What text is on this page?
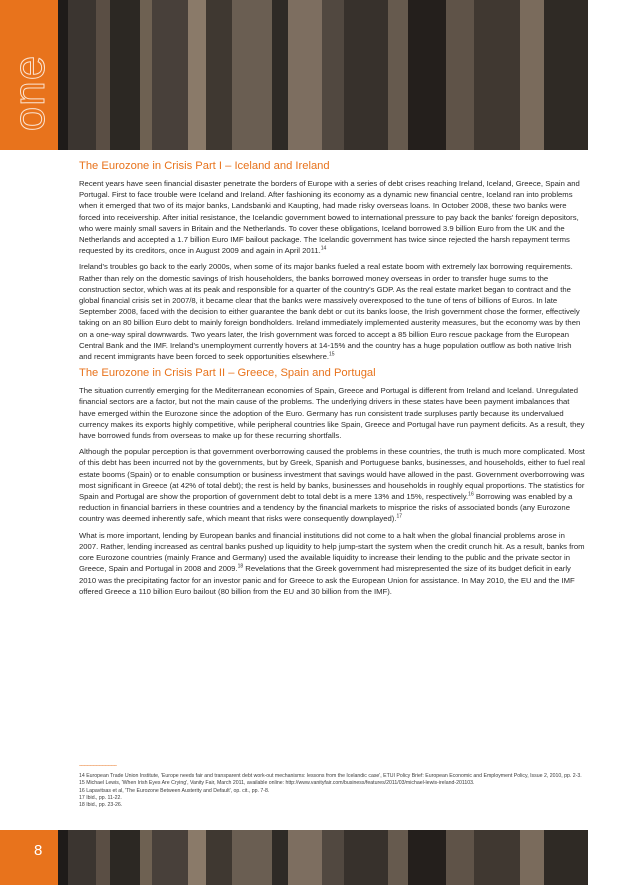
one
The Eurozone in Crisis Part I – Iceland and Ireland

Recent years have seen financial disaster penetrate the borders of Europe with a series of debt crises reaching Ireland, Iceland, Greece, Spain and Portugal. First to face trouble were Iceland and Ireland. After fashioning its economy as a dynamic new financial centre, Iceland ran into problems when it emerged that two of its major banks, Landsbanki and Kaupting, had made risky overseas loans. In October 2008, these two banks were forced into receivership. After initial resistance, the Icelandic government bowed to international pressure to pay back the banks' foreign depositors, who were mainly small savers in Britain and the Netherlands. To cover these obligations, Iceland borrowed 3.9 billion Euro from the UK and the Netherlands and accepted a 1.7 billion Euro IMF bailout package. The Icelandic government has twice since rejected the harsh repayment terms requested by its creditors, once in August 2009 and again in April 2011.14

Ireland's troubles go back to the early 2000s, when some of its major banks fueled a real estate boom with extremely lax borrowing requirements. Rather than rely on the domestic savings of Irish householders, the banks borrowed money overseas in order to transfer huge sums to the construction sector, which was at its peak and responsible for a quarter of the country's GDP. As the real estate market began to contract and the global financial crisis set in 2007/8, it became clear that the banks were massively overexposed to the tune of tens of billions of Euros. In late September 2008, faced with the decision to either guarantee the bank debt or cut its banks loose, the Irish government chose the former, effectively taking on an 80 billion Euro debt to mainly foreign bondholders. Ireland immediately implemented austerity measures, but the economy was by then on a one-way spiral downwards. Two years later, the Irish government was forced to accept a 85 billion Euro rescue package from the European Central Bank and the IMF. Ireland's unemployment currently hovers at 14-15% and the country has a huge population outflow as both native Irish and recent immigrants have been forced to seek opportunities elsewhere.$^{15}$

The Eurozone in Crisis Part II – Greece, Spain and Portugal

The situation currently emerging for the Mediterranean economies of Spain, Greece and Portugal is different from Ireland and Iceland. Unregulated financial sectors are a factor, but not the main cause of the problems. The underlying drivers in these states have been payment imbalances that have emerged within the Eurozone since the adoption of the Euro. Germany has run consistent trade surpluses partly because its undervalued currency makes its exports highly competitive, while peripheral countries like Spain, Greece and Portugal have run payment deficits. As a result, they have borrowed funds from overseas to make up for these recurring shortfalls.

Although the popular perception is that government overborrowing caused the problems in these countries, the truth is much more complicated. Most of this debt has been incurred not by the governments, but by Greek, Spanish and Portuguese banks, businesses, and households, either to fuel real estate booms (Spain) or to enable consumption or business investment that savings would have allowed in the past. Government overborrowing was most significant in Greece (at 42% of total debt); the rest is held by banks, businesses and households in roughly equal proportions. The statistics for Spain and Portugal are show the proportion of government debt to total debt is a mere 13% and 15%, respectively.$^{16}$ Borrowing was enabled by a reduction in financial barriers in these countries and a tendency by the financial markets to misprice the risks of associated bonds (any Eurozone country was deemed inherently safe, which meant that risks were consequently downplayed).$^{17}$

What is more important, lending by European banks and financial institutions did not come to a halt when the global financial problems arose in 2007. Rather, lending increased as central banks pushed up liquidity to help jump-start the system when the credit crunch hit. As a result, banks from core Eurozone countries (mainly France and Germany) used the available liquidity to increase their lending to the public and the private sector in Greece, Spain and Portugal in 2008 and 2009.18 Revelations that the Greek government had misrepresented the size of its budget deficit in early 2010 was the precipitating factor for an investor panic and for Greece to ask the European Union for assistance. In May 2010, the EU and the IMF offered Greece a 110 billion Euro bailout (80 billion from the EU and 30 billion from the IMF).

-------------------------

14 European Trade Union Institute, 'Europe needs fair and transparent debt work-out mechanisms: lessons from the Icelandic case', ETUI Policy Brief: European Economic and Employment Policy, Issue 2, 2010, pp. 2-3.

15 Michael Lewis, 'When Irish Eyes Are Crying', Vanity Fair, March 2011, available online: http://www.vanityfair.com/business/features/2011/03/michael-lewis-ireland-201103.

16 Lapavitsas et al, 'The Eurozone Between Austerity and Default', op. cit., pp. 7-8.

17 Ibid., pp. 11-22.

18 Ibid., pp. 23-26.

8
